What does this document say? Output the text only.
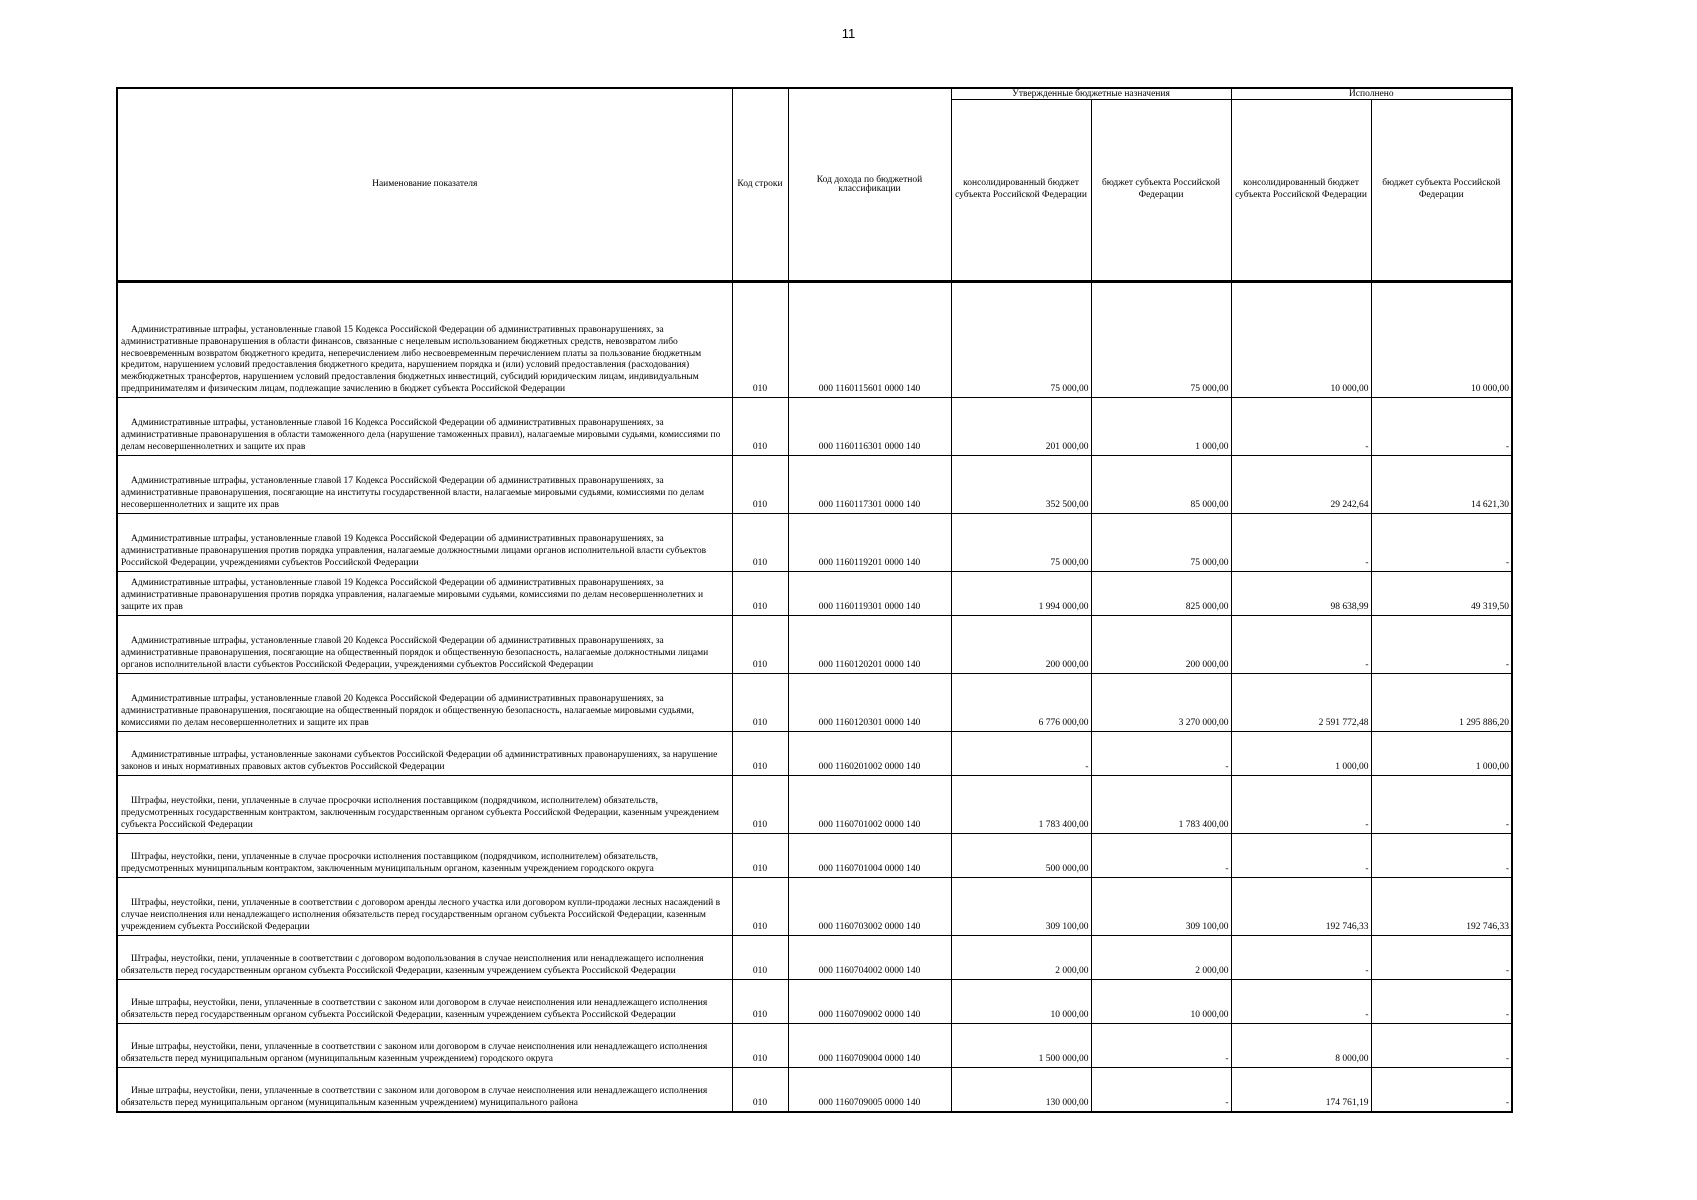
11
Наименование показателя	Код строки	Код дохода по бюджетной классификации	Утвержденные бюджетные назначения		Исполнено	
			консолидированный бюджет субъекта Российской Федерации	бюджет субъекта Российской Федерации	консолидированный бюджет субъекта Российской Федерации	бюджет субъекта Российской Федерации
Административные штрафы, установленные главой 15 Кодекса Российской Федерации об административных правонарушениях, за административные правонарушения в области финансов, связанные с нецелевым использованием бюджетных средств, невозвратом либо несвоевременным возвратом бюджетного кредита, неперечислением либо несвоевременным перечислением платы за пользование бюджетным кредитом, нарушением условий предоставления бюджетного кредита, нарушением порядка и (или) условий предоставления (расходования) межбюджетных трансфертов, нарушением условий предоставления бюджетных инвестиций, субсидий юридическим лицам, индивидуальным предпринимателям и физическим лицам, подлежащие зачислению в бюджет субъекта Российской Федерации	010	000 1160115601 0000 140	75 000,00	75 000,00	10 000,00	10 000,00
Административные штрафы, установленные главой 16 Кодекса Российской Федерации об административных правонарушениях, за административные правонарушения в области таможенного дела (нарушение таможенных правил), налагаемые мировыми судьями, комиссиями по делам несовершеннолетних и защите их прав	010	000 1160116301 0000 140	201 000,00	1 000,00	-	-
Административные штрафы, установленные главой 17 Кодекса Российской Федерации об административных правонарушениях, за административные правонарушения, посягающие на институты государственной власти, налагаемые мировыми судьями, комиссиями по делам несовершеннолетних и защите их прав	010	000 1160117301 0000 140	352 500,00	85 000,00	29 242,64	14 621,30
Административные штрафы, установленные главой 19 Кодекса Российской Федерации об административных правонарушениях, за административные правонарушения против порядка управления, налагаемые должностными лицами органов исполнительной власти субъектов Российской Федерации, учреждениями субъектов Российской Федерации	010	000 1160119201 0000 140	75 000,00	75 000,00	-	-
Административные штрафы, установленные главой 19 Кодекса Российской Федерации об административных правонарушениях, за административные правонарушения против порядка управления, налагаемые мировыми судьями, комиссиями по делам несовершеннолетних и защите их прав	010	000 1160119301 0000 140	1 994 000,00	825 000,00	98 638,99	49 319,50
Административные штрафы, установленные главой 20 Кодекса Российской Федерации об административных правонарушениях, за административные правонарушения, посягающие на общественный порядок и общественную безопасность, налагаемые должностными лицами органов исполнительной власти субъектов Российской Федерации, учреждениями субъектов Российской Федерации	010	000 1160120201 0000 140	200 000,00	200 000,00	-	-
Административные штрафы, установленные главой 20 Кодекса Российской Федерации об административных правонарушениях, за административные правонарушения, посягающие на общественный порядок и общественную безопасность, налагаемые мировыми судьями, комиссиями по делам несовершеннолетних и защите их прав	010	000 1160120301 0000 140	6 776 000,00	3 270 000,00	2 591 772,48	1 295 886,20
Административные штрафы, установленные законами субъектов Российской Федерации об административных правонарушениях, за нарушение законов и иных нормативных правовых актов субъектов Российской Федерации	010	000 1160201002 0000 140	-	-	1 000,00	1 000,00
Штрафы, неустойки, пени, уплаченные в случае просрочки исполнения поставщиком (подрядчиком, исполнителем) обязательств, предусмотренных государственным контрактом, заключенным государственным органом субъекта Российской Федерации, казенным учреждением субъекта Российской Федерации	010	000 1160701002 0000 140	1 783 400,00	1 783 400,00	-	-
Штрафы, неустойки, пени, уплаченные в случае просрочки исполнения поставщиком (подрядчиком, исполнителем) обязательств, предусмотренных муниципальным контрактом, заключенным муниципальным органом, казенным учреждением городского округа	010	000 1160701004 0000 140	500 000,00	-	-	-
Штрафы, неустойки, пени, уплаченные в соответствии с договором аренды лесного участка или договором купли-продажи лесных насаждений в случае неисполнения или ненадлежащего исполнения обязательств перед государственным органом субъекта Российской Федерации, казенным учреждением субъекта Российской Федерации	010	000 1160703002 0000 140	309 100,00	309 100,00	192 746,33	192 746,33
Штрафы, неустойки, пени, уплаченные в соответствии с договором водопользования в случае неисполнения или ненадлежащего исполнения обязательств перед государственным органом субъекта Российской Федерации, казенным учреждением субъекта Российской Федерации	010	000 1160704002 0000 140	2 000,00	2 000,00	-	-
Иные штрафы, неустойки, пени, уплаченные в соответствии с законом или договором в случае неисполнения или ненадлежащего исполнения обязательств перед государственным органом субъекта Российской Федерации, казенным учреждением субъекта Российской Федерации	010	000 1160709002 0000 140	10 000,00	10 000,00	-	-
Иные штрафы, неустойки, пени, уплаченные в соответствии с законом или договором в случае неисполнения или ненадлежащего исполнения обязательств перед муниципальным органом (муниципальным казенным учреждением) городского округа	010	000 1160709004 0000 140	1 500 000,00	-	8 000,00	-
Иные штрафы, неустойки, пени, уплаченные в соответствии с законом или договором в случае неисполнения или ненадлежащего исполнения обязательств перед муниципальным органом (муниципальным казенным учреждением) муниципального района	010	000 1160709005 0000 140	130 000,00	-	174 761,19	-
